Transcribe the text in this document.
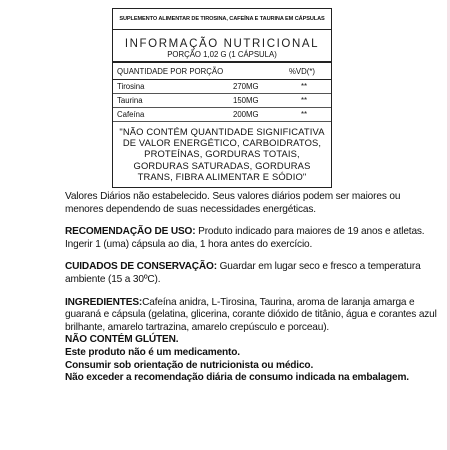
SUPLEMENTO ALIMENTAR DE TIROSINA, CAFEÍNA E TAURINA EM CÁPSULAS
INFORMAÇÃO NUTRICIONAL
PORÇÃO 1,02 G (1 CÁPSULA)
QUANTIDADE POR PORÇÃO	%VD(*)
Tirosina	270MG	**
Taurina	150MG	**
Cafeína	200MG	**
"NÃO CONTÉM QUANTIDADE SIGNIFICATIVA DE VALOR ENERGÉTICO, CARBOIDRATOS, PROTEÍNAS, GORDURAS TOTAIS, GORDURAS SATURADAS, GORDURAS TRANS, FIBRA ALIMENTAR E SÓDIO"

Valores Diários não estabelecido. Seus valores diários podem ser maiores ou menores dependendo de suas necessidades energéticas.

RECOMENDAÇÃO DE USO: Produto indicado para maiores de 19 anos e atletas. Ingerir 1 (uma) cápsula ao dia, 1 hora antes do exercício.

CUIDADOS DE CONSERVAÇÃO: Guardar em lugar seco e fresco a temperatura ambiente (15 a 30ºC).

INGREDIENTES:Cafeína anidra, L-Tirosina, Taurina, aroma de laranja amarga e guaraná e cápsula (gelatina, glicerina, corante dióxido de titânio, água e corantes azul brilhante, amarelo tartrazina, amarelo crepúsculo e porceau).

NÃO CONTÉM GLÚTEN.

Este produto não é um medicamento.

Consumir sob orientação de nutricionista ou médico.

Não exceder a recomendação diária de consumo indicada na embalagem.
